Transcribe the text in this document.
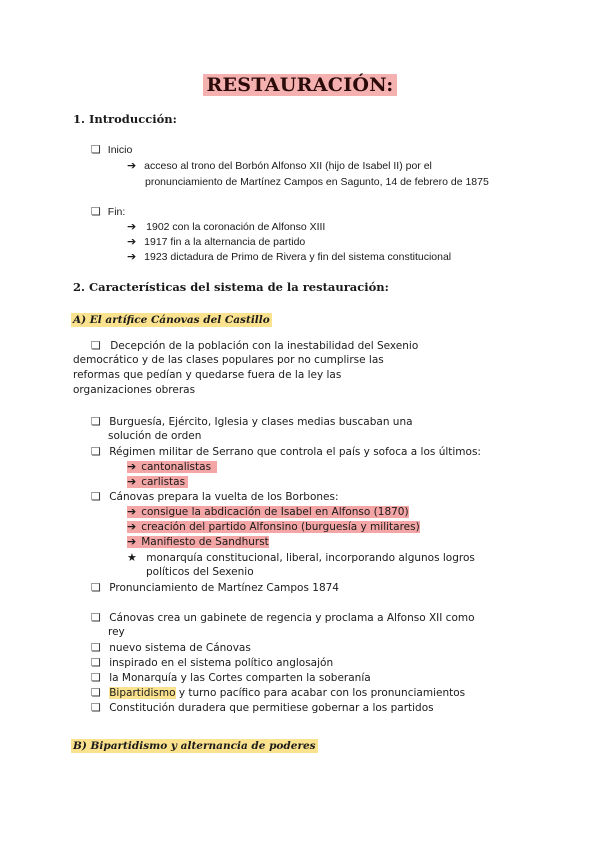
RESTAURACIÓN:
1. Introducción:
❏ Inicio
➔ acceso al trono del Borbón Alfonso XII (hijo de Isabel II) por el
pronunciamiento de Martínez Campos en Sagunto, 14 de febrero de 1875
❏ Fin:
➔ 1902 con la coronación de Alfonso XIII
➔ 1917 fin a la alternancia de partido
➔ 1923 dictadura de Primo de Rivera y fin del sistema constitucional
2. Características del sistema de la restauración:
A) El artífice Cánovas del Castillo
❏ Decepción de la población con la inestabilidad del Sexenio
democrático y de las clases populares por no cumplirse las
reformas que pedían y quedarse fuera de la ley las
organizaciones obreras
❏ Burguesía, Ejército, Iglesia y clases medias buscaban una
solución de orden
❏ Régimen militar de Serrano que controla el país y sofoca a los últimos:
➔ cantonalistas
➔ carlistas
❏ Cánovas prepara la vuelta de los Borbones:
➔ consigue la abdicación de Isabel en Alfonso (1870)
➔ creación del partido Alfonsino (burguesía y militares)
➔ Manifiesto de Sandhurst
★ monarquía constitucional, liberal, incorporando algunos logros
políticos del Sexenio
❏ Pronunciamiento de Martínez Campos 1874
❏ Cánovas crea un gabinete de regencia y proclama a Alfonso XII como
rey
❏ nuevo sistema de Cánovas
❏ inspirado en el sistema político anglosajón
❏ la Monarquía y las Cortes comparten la soberanía
❏ Bipartidismo y turno pacífico para acabar con los pronunciamientos
❏ Constitución duradera que permitiese gobernar a los partidos
B) Bipartidismo y alternancia de poderes
